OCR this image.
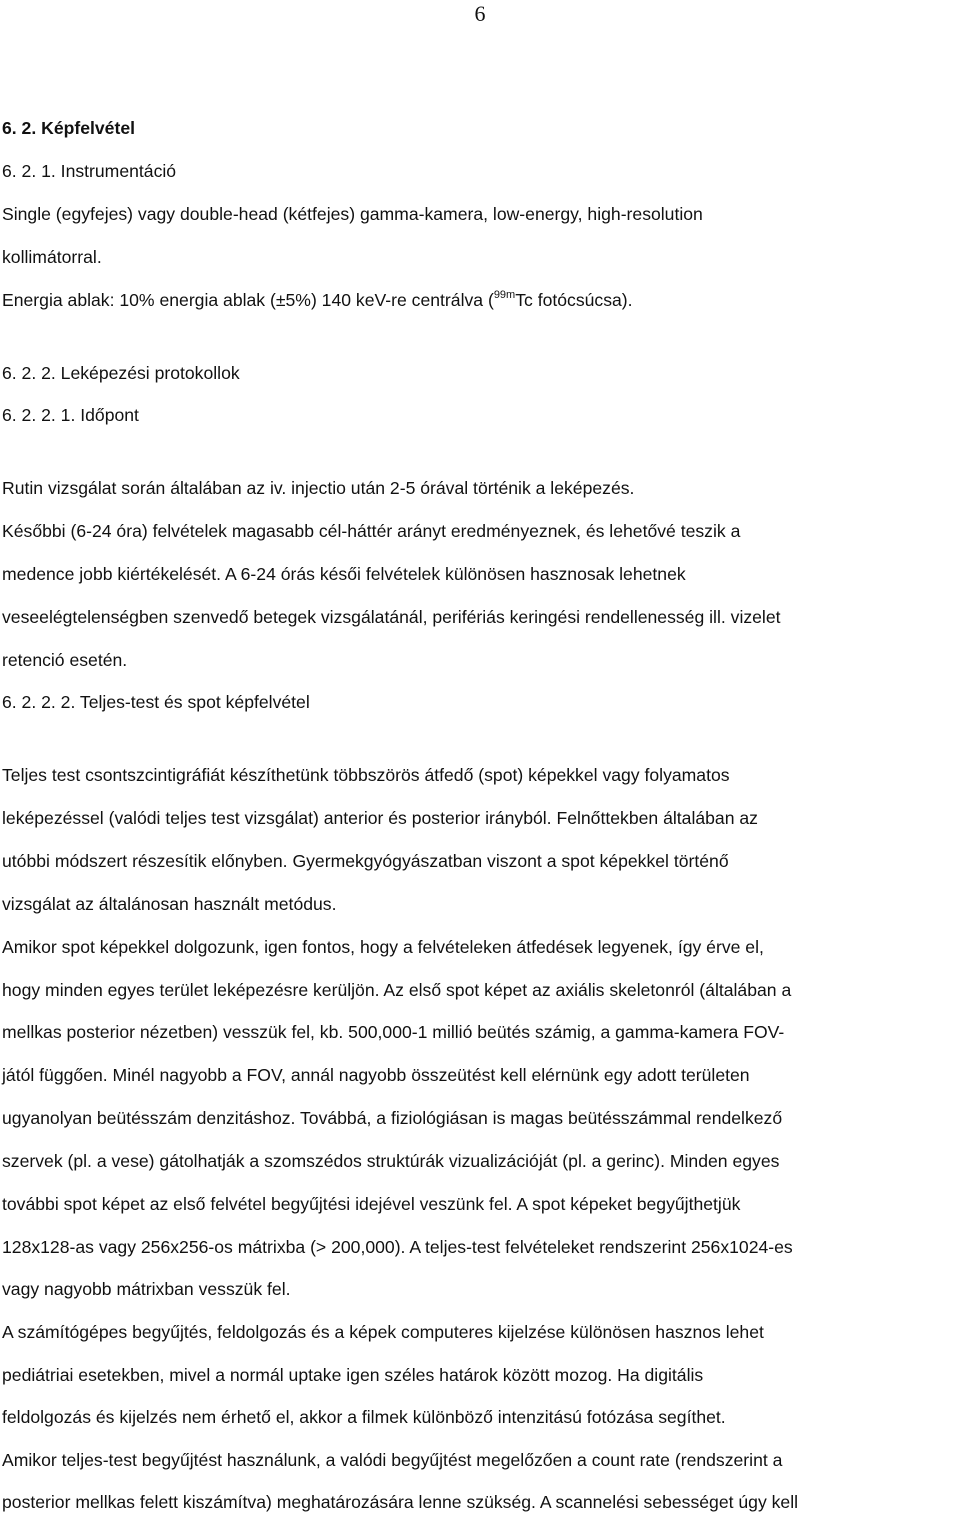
6
6. 2. Képfelvétel
6. 2. 1. Instrumentáció
Single (egyfejes) vagy double-head (kétfejes) gamma-kamera, low-energy, high-resolution
kollimátorral.
Energia ablak: 10% energia ablak (±5%) 140 keV-re centrálva ($^{99m}$Tc fotócsúcsa).
6. 2. 2. Leképezési protokollok
6. 2. 2. 1. Időpont
Rutin vizsgálat során általában az iv. injectio után 2-5 órával történik a leképezés.
Későbbi (6-24 óra) felvételek magasabb cél-háttér arányt eredményeznek, és lehetővé teszik a
medence jobb kiértékelését. A 6-24 órás késői felvételek különösen hasznosak lehetnek
veseelégtelenségben szenvedő betegek vizsgálatánál, perifériás keringési rendellenesség ill. vizelet
retenció esetén.
6. 2. 2. 2. Teljes-test és spot képfelvétel
Teljes test csontszcintigráfiát készíthetünk többszörös átfedő (spot) képekkel vagy folyamatos
leképezéssel (valódi teljes test vizsgálat) anterior és posterior irányból. Felnőttekben általában az
utóbbi módszert részesítik előnyben. Gyermekgyógyászatban viszont a spot képekkel történő
vizsgálat az általánosan használt metódus.
Amikor spot képekkel dolgozunk, igen fontos, hogy a felvételeken átfedések legyenek, így érve el,
hogy minden egyes terület leképezésre kerüljön. Az első spot képet az axiális skeletonról (általában a
mellkas posterior nézetben) vesszük fel, kb. 500,000-1 millió beütés számig, a gamma-kamera FOV-
jától függően. Minél nagyobb a FOV, annál nagyobb összeütést kell elérnünk egy adott területen
ugyanolyan beütésszám denzitáshoz. Továbbá, a fiziológiásan is magas beütésszámmal rendelkező
szervek (pl. a vese) gátolhatják a szomszédos struktúrák vizualizációját (pl. a gerinc). Minden egyes
további spot képet az első felvétel begyűjtési idejével veszünk fel. A spot képeket begyűjthetjük
128x128-as vagy 256x256-os mátrixba (> 200,000). A teljes-test felvételeket rendszerint 256x1024-es
vagy nagyobb mátrixban vesszük fel.
A számítógépes begyűjtés, feldolgozás és a képek computeres kijelzése különösen hasznos lehet
pediátriai esetekben, mivel a normál uptake igen széles határok között mozog. Ha digitális
feldolgozás és kijelzés nem érhető el, akkor a filmek különböző intenzitású fotózása segíthet.
Amikor teljes-test begyűjtést használunk, a valódi begyűjtést megelőzően a count rate (rendszerint a
posterior mellkas felett kiszámítva) meghatározására lenne szükség. A scannelési sebességet úgy kell
